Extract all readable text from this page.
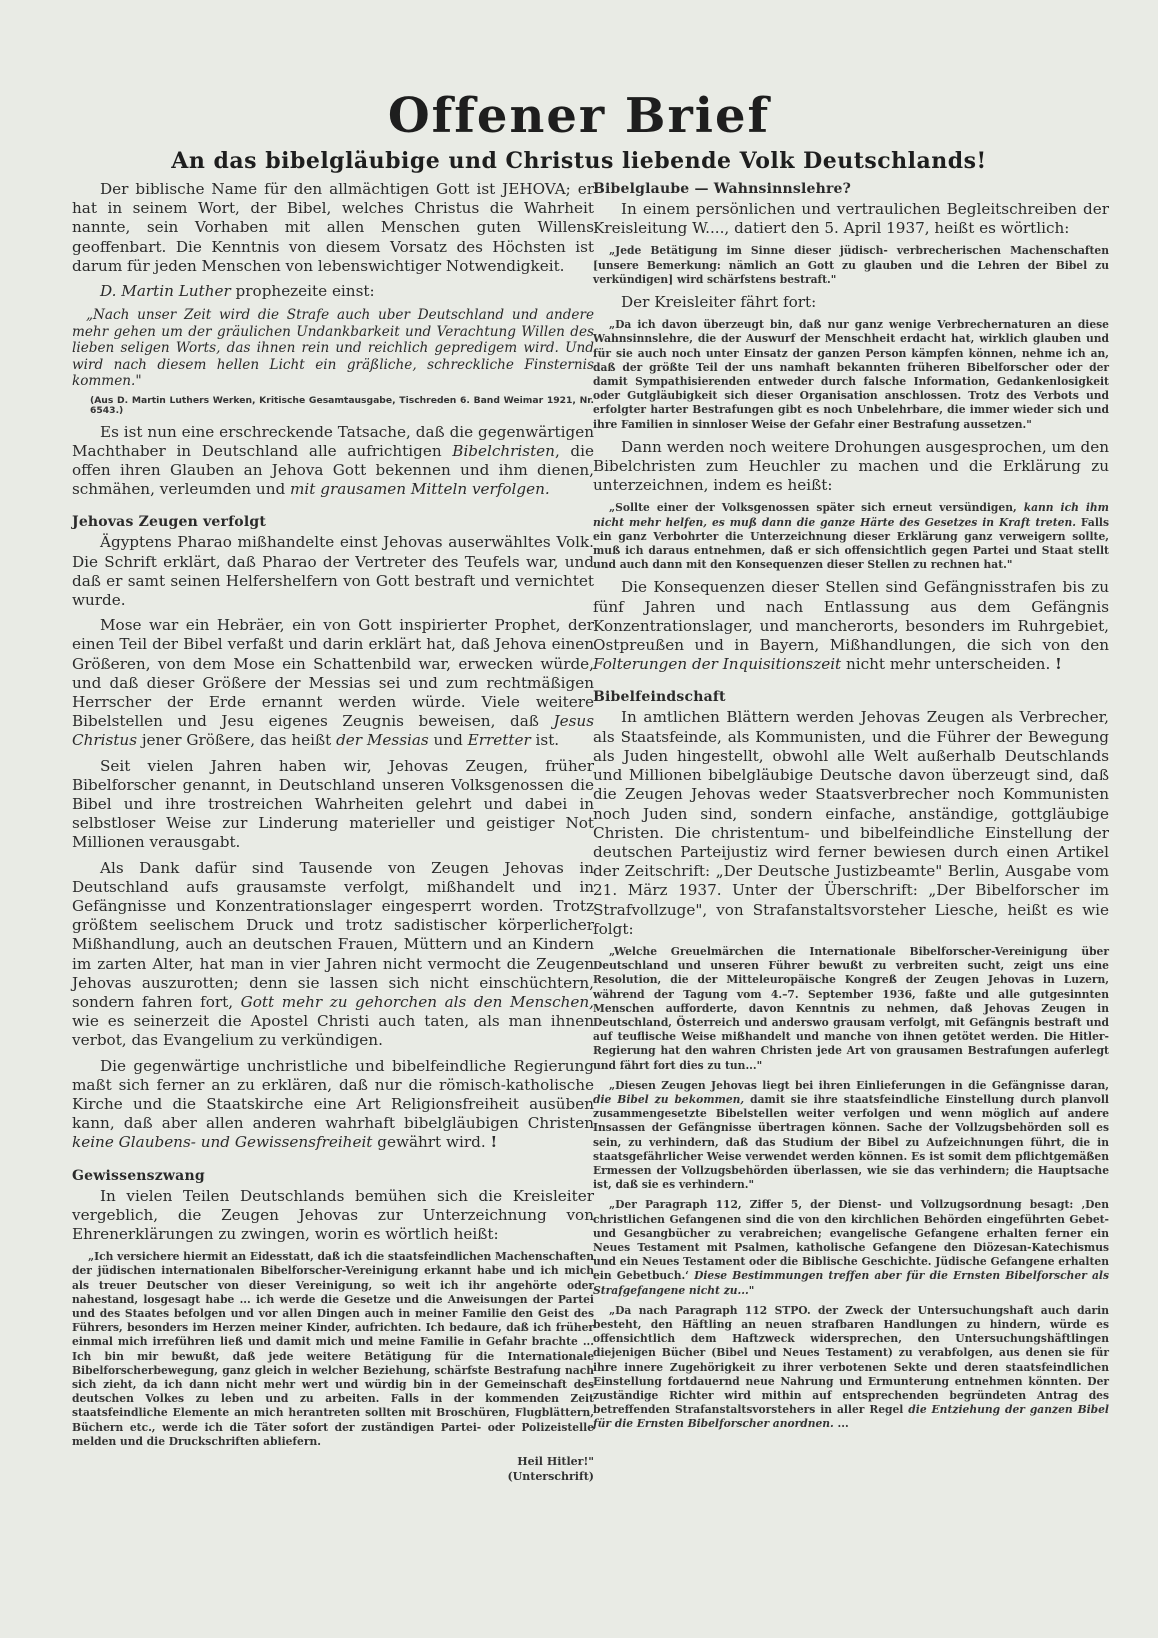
Offener Brief
An das bibelgläubige und Christus liebende Volk Deutschlands!

Der biblische Name für den allmächtigen Gott ist JEHOVA; er hat in seinem Wort, der Bibel, welches Christus die Wahrheit nannte, sein Vorhaben mit allen Menschen guten Willens geoffenbart. Die Kenntnis von diesem Vorsatz des Höchsten ist darum für jeden Menschen von lebenswichtiger Notwendigkeit.

D. Martin Luther prophezeite einst:

„Nach unser Zeit wird die Strafe auch uber Deutschland und andere mehr gehen um der gräulichen Undankbarkeit und Verachtung Willen des lieben seligen Worts, das ihnen rein und reichlich gepredigет wird. Und wird nach diesem hellen Licht ein gräßliche, schreckliche Finsternis kommen."

(Aus D. Martin Luthers Werken, Kritische Gesamtausgabe, Tischreden 6. Band Weimar 1921, Nr. 6543.)

Es ist nun eine erschreckende Tatsache, daß die gegenwärtigen Machthaber in Deutschland alle aufrichtigen Bibelchristen, die offen ihren Glauben an Jehova Gott bekennen und ihm dienen, schmähen, verleumden und mit grausamen Mitteln verfolgen.

Jehovas Zeugen verfolgt

Ägyptens Pharao mißhandelte einst Jehovas auserwähltes Volk. Die Schrift erklärt, daß Pharao der Vertreter des Teufels war, und daß er samt seinen Helfershelfern von Gott bestraft und vernichtet wurde.

Mose war ein Hebräer, ein von Gott inspirierter Prophet, der einen Teil der Bibel verfaßt und darin erklärt hat, daß Jehova einen Größeren, von dem Mose ein Schattenbild war, erwecken würde, und daß dieser Größere der Messias sei und zum rechtmäßigen Herrscher der Erde ernannt werden würde. Viele weitere Bibelstellen und Jesu eigenes Zeugnis beweisen, daß Jesus Christus jener Größere, das heißt der Messias und Erretter ist.

Seit vielen Jahren haben wir, Jehovas Zeugen, früher Bibelforscher genannt, in Deutschland unseren Volksgenossen die Bibel und ihre trostreichen Wahrheiten gelehrt und dabei in selbstloser Weise zur Linderung materieller und geistiger Not Millionen verausgabt.

Als Dank dafür sind Tausende von Zeugen Jehovas in Deutschland aufs grausamste verfolgt, mißhandelt und in Gefängnisse und Konzentrationslager eingesperrt worden. Trotz größtem seelischem Druck und trotz sadistischer körperlicher Mißhandlung, auch an deutschen Frauen, Müttern und an Kindern im zarten Alter, hat man in vier Jahren nicht vermocht die Zeugen Jehovas auszurotten; denn sie lassen sich nicht einschüchtern, sondern fahren fort, Gott mehr zu gehorchen als den Menschen, wie es seinerzeit die Apostel Christi auch taten, als man ihnen verbot, das Evangelium zu verkündigen.

Die gegenwärtige unchristliche und bibelfeindliche Regierung maßt sich ferner an zu erklären, daß nur die römisch-katholische Kirche und die Staatskirche eine Art Religionsfreiheit ausüben kann, daß aber allen anderen wahrhaft bibelgläubigen Christen keine Glaubens- und Gewissensfreiheit gewährt wird. !

Gewissenszwang

In vielen Teilen Deutschlands bemühen sich die Kreisleiter vergeblich, die Zeugen Jehovas zur Unterzeichnung von Ehrenerklärungen zu zwingen, worin es wörtlich heißt:

„Ich versichere hiermit an Eidesstatt, daß ich die staatsfeindlichen Machenschaften der jüdischen internationalen Bibelforscher-Vereinigung erkannt habe und ich mich als treuer Deutscher von dieser Vereinigung, so weit ich ihr angehörte oder nahestand, losgesagt habe ... ich werde die Gesetze und die Anweisungen der Partei und des Staates befolgen und vor allen Dingen auch in meiner Familie den Geist des Führers, besonders im Herzen meiner Kinder, aufrichten. Ich bedaure, daß ich früher einmal mich irreführen ließ und damit mich und meine Familie in Gefahr brachte ... Ich bin mir bewußt, daß jede weitere Betätigung für die Internationale Bibelforscherbewegung, ganz gleich in welcher Beziehung, schärfste Bestrafung nach sich zieht, da ich dann nicht mehr wert und würdig bin in der Gemeinschaft des deutschen Volkes zu leben und zu arbeiten. Falls in der kommenden Zeit staatsfeindliche Elemente an mich herantreten sollten mit Broschüren, Flugblättern, Büchern etc., werde ich die Täter sofort der zuständigen Partei- oder Polizeistelle melden und die Druckschriften abliefern.

Heil Hitler!"
(Unterschrift)

Bibelglaube — Wahnsinnslehre?

In einem persönlichen und vertraulichen Begleitschreiben der Kreisleitung W...., datiert den 5. April 1937, heißt es wörtlich:

„Jede Betätigung im Sinne dieser jüdisch- verbrecherischen Machenschaften [unsere Bemerkung: nämlich an Gott zu glauben und die Lehren der Bibel zu verkündigen] wird schärfstens bestraft."

Der Kreisleiter fährt fort:

„Da ich davon überzeugt bin, daß nur ganz wenige Verbrechernaturen an diese Wahnsinnslehre, die der Auswurf der Menschheit erdacht hat, wirklich glauben und für sie auch noch unter Einsatz der ganzen Person kämpfen können, nehme ich an, daß der größte Teil der uns namhaft bekannten früheren Bibelforscher oder der damit Sympathisierenden entweder durch falsche Information, Gedankenlosigkeit oder Gutgläubigkeit sich dieser Organisation anschlossen. Trotz des Verbots und erfolgter harter Bestrafungen gibt es noch Unbelehrbare, die immer wieder sich und ihre Familien in sinnloser Weise der Gefahr einer Bestrafung aussetzen."

Dann werden noch weitere Drohungen ausgesprochen, um den Bibelchristen zum Heuchler zu machen und die Erklärung zu unterzeichnen, indem es heißt:

„Sollte einer der Volksgenossen später sich erneut versündigen, kann ich ihm nicht mehr helfen, es muß dann die ganze Härte des Gesetzes in Kraft treten. Falls ein ganz Verbohrter die Unterzeichnung dieser Erklärung ganz verweigern sollte, muß ich daraus entnehmen, daß er sich offensichtlich gegen Partei und Staat stellt und auch dann mit den Konsequenzen dieser Stellen zu rechnen hat."

Die Konsequenzen dieser Stellen sind Gefängnisstrafen bis zu fünf Jahren und nach Entlassung aus dem Gefängnis Konzentrationslager, und mancherorts, besonders im Ruhrgebiet, Ostpreußen und in Bayern, Mißhandlungen, die sich von den Folterungen der Inquisitionszeit nicht mehr unterscheiden. !

Bibelfeindschaft

In amtlichen Blättern werden Jehovas Zeugen als Verbrecher, als Staatsfeinde, als Kommunisten, und die Führer der Bewegung als Juden hingestellt, obwohl alle Welt außerhalb Deutschlands und Millionen bibelgläubige Deutsche davon überzeugt sind, daß die Zeugen Jehovas weder Staatsverbrecher noch Kommunisten noch Juden sind, sondern einfache, anständige, gottgläubige Christen. Die christentum- und bibelfeindliche Einstellung der deutschen Parteijustiz wird ferner bewiesen durch einen Artikel der Zeitschrift: „Der Deutsche Justizbeamte" Berlin, Ausgabe vom 21. März 1937. Unter der Überschrift: „Der Bibelforscher im Strafvollzuge", von Strafanstaltsvorsteher Liesche, heißt es wie folgt:

„Welche Greuelmärchen die Internationale Bibelforscher-Vereinigung über Deutschland und unseren Führer bewußt zu verbreiten sucht, zeigt uns eine Resolution, die der Mitteleuropäische Kongreß der Zeugen Jehovas in Luzern, während der Tagung vom 4.–7. September 1936, faßte und alle gutgesinnten Menschen aufforderte, davon Kenntnis zu nehmen, daß Jehovas Zeugen in Deutschland, Österreich und anderswo grausam verfolgt, mit Gefängnis bestraft und auf teuflische Weise mißhandelt und manche von ihnen getötet werden. Die Hitler-Regierung hat den wahren Christen jede Art von grausamen Bestrafungen auferlegt und fährt fort dies zu tun..."

„Diesen Zeugen Jehovas liegt bei ihren Einlieferungen in die Gefängnisse daran, die Bibel zu bekommen, damit sie ihre staatsfeindliche Einstellung durch planvoll zusammengesetzte Bibelstellen weiter verfolgen und wenn möglich auf andere Insassen der Gefängnisse übertragen können. Sache der Vollzugsbehörden soll es sein, zu verhindern, daß das Studium der Bibel zu Aufzeichnungen führt, die in staatsgefährlicher Weise verwendet werden können. Es ist somit dem pflichtgemäßen Ermessen der Vollzugsbehörden überlassen, wie sie das verhindern; die Hauptsache ist, daß sie es verhindern."

„Der Paragraph 112, Ziffer 5, der Dienst- und Vollzugsordnung besagt: ‚Den christlichen Gefangenen sind die von den kirchlichen Behörden eingeführten Gebet- und Gesangbücher zu verabreichen; evangelische Gefangene erhalten ferner ein Neues Testament mit Psalmen, katholische Gefangene den Diözesan-Katechismus und ein Neues Testament oder die Biblische Geschichte. Jüdische Gefangene erhalten ein Gebetbuch.‘ Diese Bestimmungen treffen aber für die Ernsten Bibelforscher als Strafgefangene nicht zu..."

„Da nach Paragraph 112 STPO. der Zweck der Untersuchungshaft auch darin besteht, den Häftling an neuen strafbaren Handlungen zu hindern, würde es offensichtlich dem Haftzweck widersprechen, den Untersuchungshäftlingen diejenigen Bücher (Bibel und Neues Testament) zu verabfolgen, aus denen sie für ihre innere Zugehörigkeit zu ihrer verbotenen Sekte und deren staatsfeindlichen Einstellung fortdauernd neue Nahrung und Ermunterung entnehmen könnten. Der zuständige Richter wird mithin auf entsprechenden begründeten Antrag des betreffenden Strafanstaltsvorstehers in aller Regel die Entziehung der ganzen Bibel für die Ernsten Bibelforscher anordnen. ...
